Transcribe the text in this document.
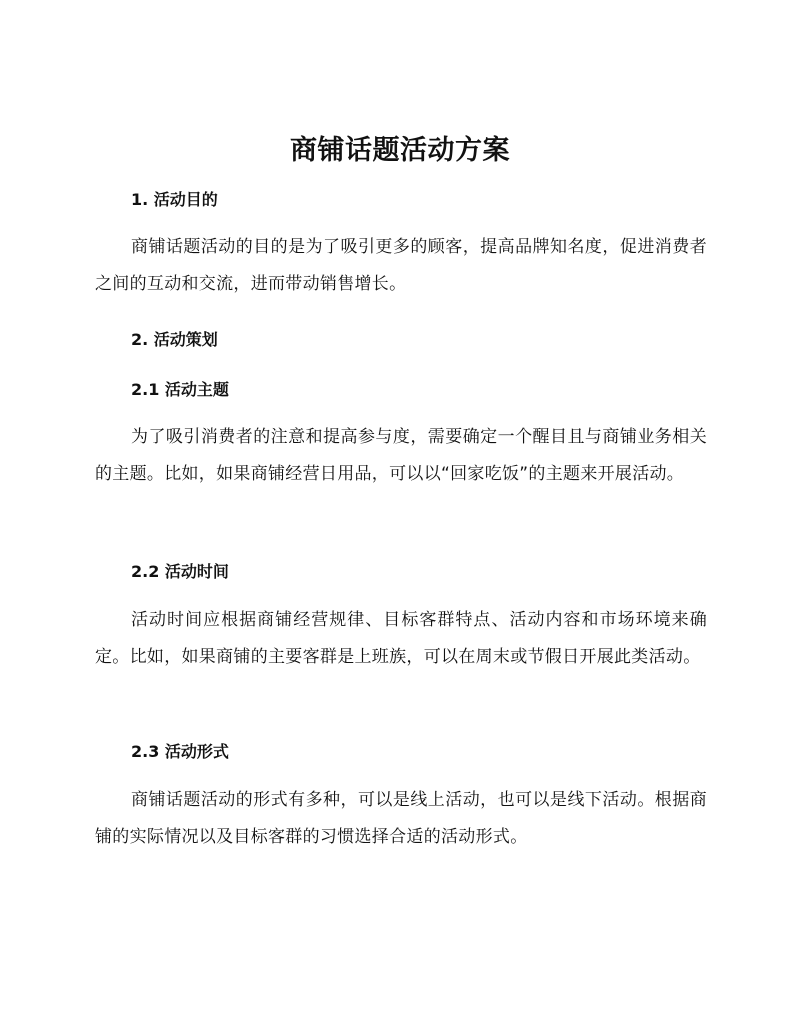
商铺话题活动方案
1. 活动目的
商铺话题活动的目的是为了吸引更多的顾客，提高品牌知名度，促进消费者之间的互动和交流，进而带动销售增长。
2. 活动策划
2.1 活动主题
为了吸引消费者的注意和提高参与度，需要确定一个醒目且与商铺业务相关的主题。比如，如果商铺经营日用品，可以以“回家吃饭”的主题来开展活动。
2.2 活动时间
活动时间应根据商铺经营规律、目标客群特点、活动内容和市场环境来确定。比如，如果商铺的主要客群是上班族，可以在周末或节假日开展此类活动。
2.3 活动形式
商铺话题活动的形式有多种，可以是线上活动，也可以是线下活动。根据商铺的实际情况以及目标客群的习惯选择合适的活动形式。
